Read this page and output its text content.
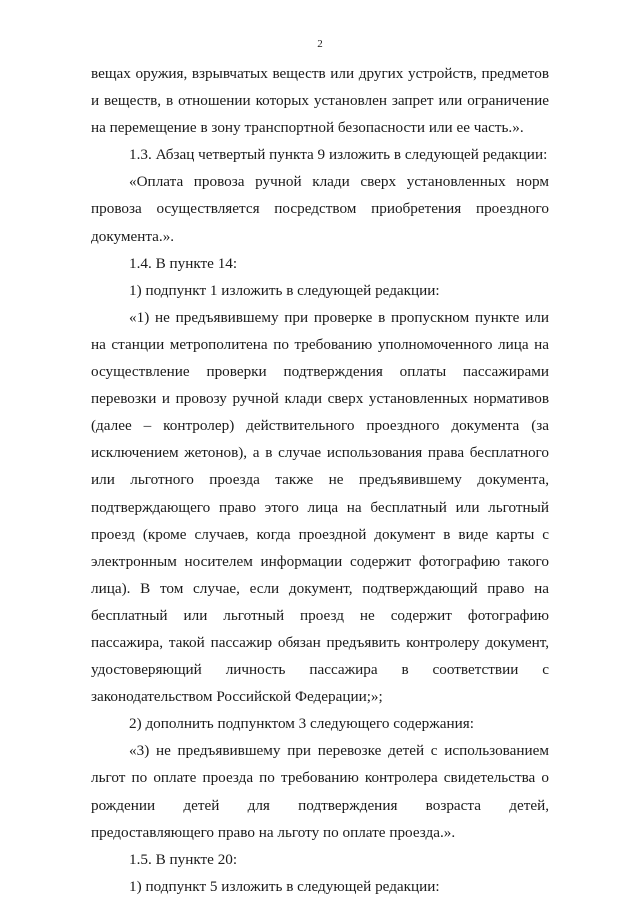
2

вещах оружия, взрывчатых веществ или других устройств, предметов и веществ, в отношении которых установлен запрет или ограничение на перемещение в зону транспортной безопасности или ее часть.».

1.3. Абзац четвертый пункта 9 изложить в следующей редакции:

«Оплата провоза ручной клади сверх установленных норм провоза осуществляется посредством приобретения проездного документа.».

1.4. В пункте 14:

1) подпункт 1 изложить в следующей редакции:

«1) не предъявившему при проверке в пропускном пункте или на станции метрополитена по требованию уполномоченного лица на осуществление проверки подтверждения оплаты пассажирами перевозки и провозу ручной клади сверх установленных нормативов (далее – контролер) действительного проездного документа (за исключением жетонов), а в случае использования права бесплатного или льготного проезда также не предъявившему документа, подтверждающего право этого лица на бесплатный или льготный проезд (кроме случаев, когда проездной документ в виде карты с электронным носителем информации содержит фотографию такого лица). В том случае, если документ, подтверждающий право на бесплатный или льготный проезд не содержит фотографию пассажира, такой пассажир обязан предъявить контролеру документ, удостоверяющий личность пассажира в соответствии с законодательством Российской Федерации;»;

2) дополнить подпунктом 3 следующего содержания:

«3) не предъявившему при перевозке детей с использованием льгот по оплате проезда по требованию контролера свидетельства о рождении детей для подтверждения возраста детей, предоставляющего право на льготу по оплате проезда.».

1.5. В пункте 20:

1) подпункт 5 изложить в следующей редакции:
